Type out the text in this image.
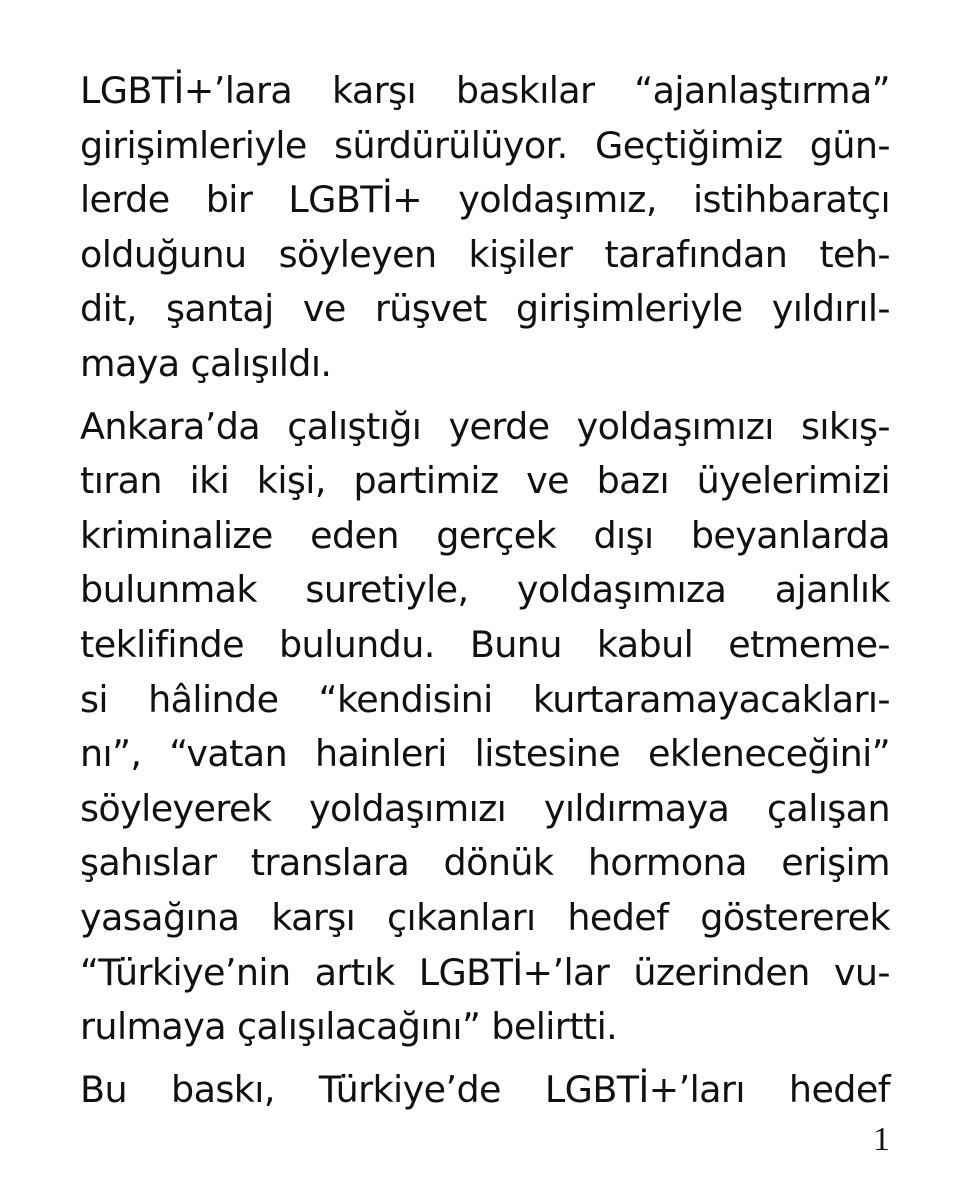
LGBTİ+’lara karşı baskılar “ajanlaştırma”
girişimleriyle sürdürülüyor. Geçtiğimiz gün-
lerde bir LGBTİ+ yoldaşımız, istihbaratçı
olduğunu söyleyen kişiler tarafından teh-
dit, şantaj ve rüşvet girişimleriyle yıldırıl-
maya çalışıldı.

Ankara’da çalıştığı yerde yoldaşımızı sıkış-
tıran iki kişi, partimiz ve bazı üyelerimizi
kriminalize eden gerçek dışı beyanlarda
bulunmak suretiyle, yoldaşımıza ajanlık
teklifinde bulundu. Bunu kabul etmeme-
si hâlinde “kendisini kurtaramayacakları-
nı”, “vatan hainleri listesine ekleneceğini”
söyleyerek yoldaşımızı yıldırmaya çalışan
şahıslar translara dönük hormona erişim
yasağına karşı çıkanları hedef göstererek
“Türkiye’nin artık LGBTİ+’lar üzerinden vu-
rulmaya çalışılacağını” belirtti.

Bu baskı, Türkiye’de LGBTİ+’ları hedef

1
